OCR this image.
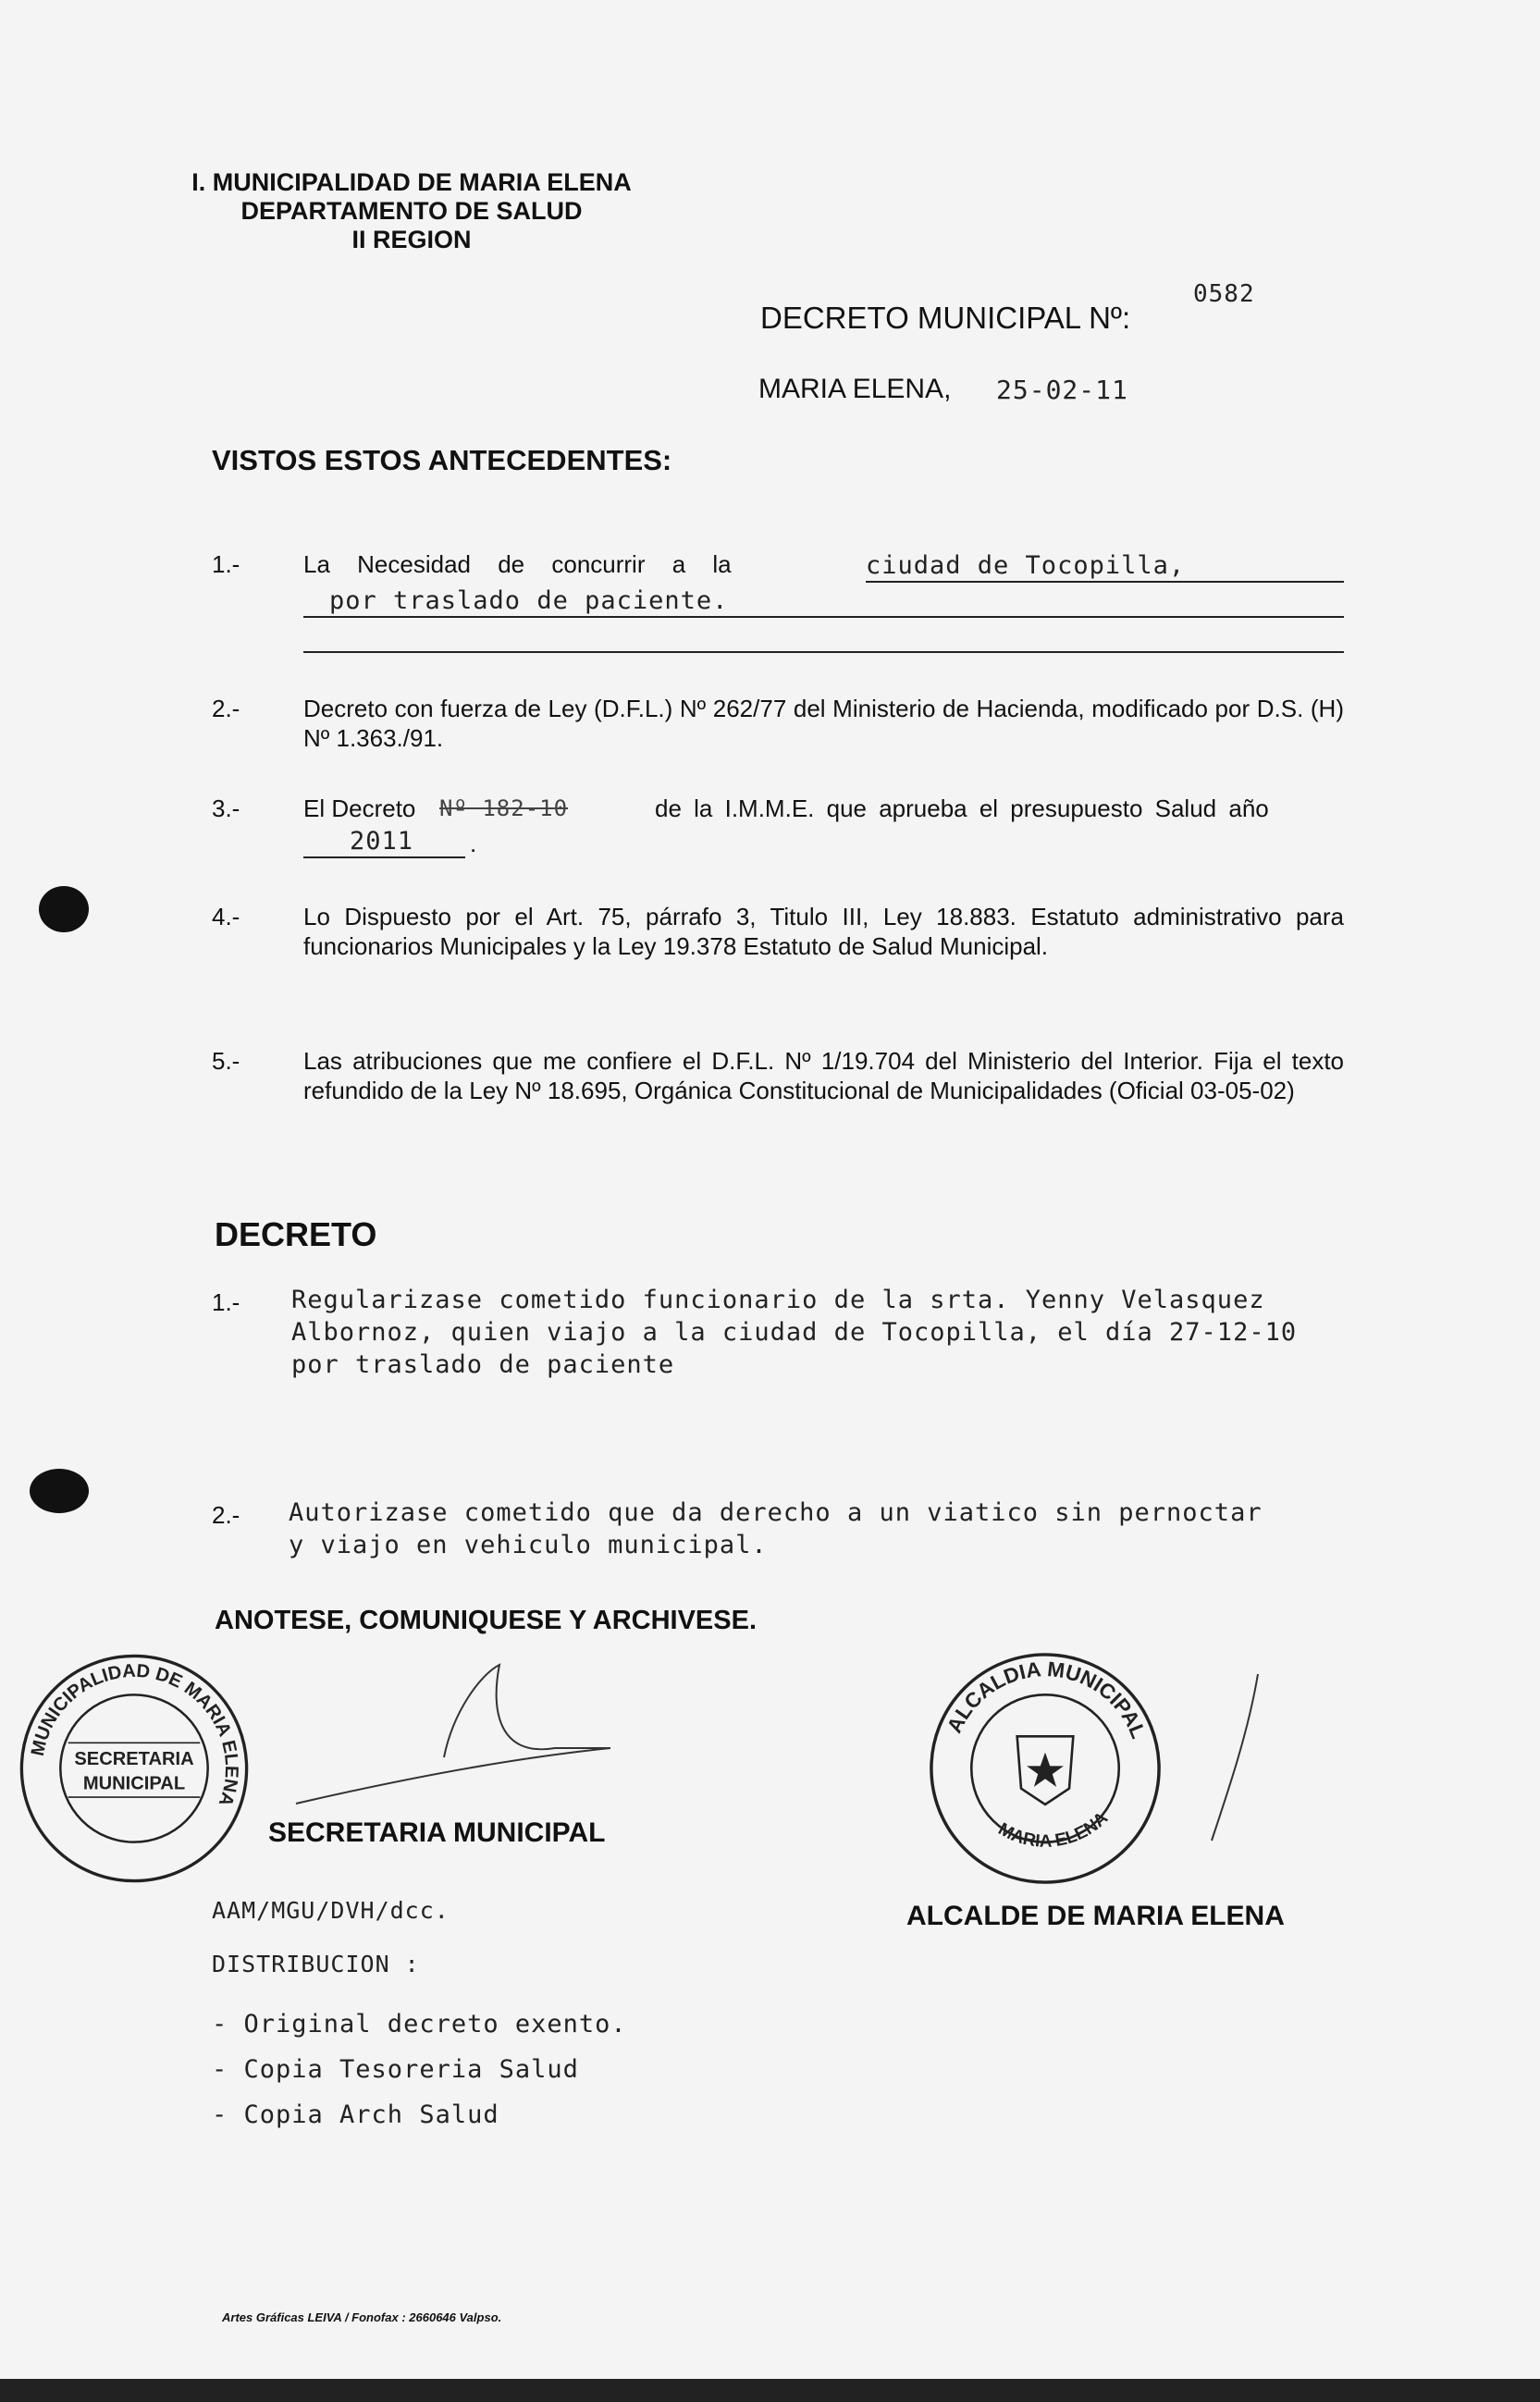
I. MUNICIPALIDAD DE MARIA ELENA
DEPARTAMENTO DE SALUD
II REGION
DECRETO MUNICIPAL Nº:
0582
MARIA ELENA, 25-02-11
VISTOS ESTOS ANTECEDENTES:
1.-	La Necesidad de concurrir a la	ciudad de Tocopilla,
por traslado de paciente.
2.-	Decreto con fuerza de Ley (D.F.L.) Nº 262/77 del Ministerio de Hacienda, modificado por D.S. (H) Nº 1.363./91.
3.-	El Decreto Nº 182-10	de la I.M.M.E. que aprueba el presupuesto Salud año
2011	.
4.-	Lo Dispuesto por el Art. 75, párrafo 3, Titulo III, Ley 18.883. Estatuto administrativo para funcionarios Municipales y la Ley 19.378 Estatuto de Salud Municipal.
5.-	Las atribuciones que me confiere el D.F.L. Nº 1/19.704 del Ministerio del Interior. Fija el texto refundido de la Ley Nº 18.695, Orgánica Constitucional de Municipalidades (Oficial 03-05-02)
DECRETO
1.- Regularizase cometido funcionario de la srta. Yenny Velasquez
Albornoz, quien viajo a la ciudad de Tocopilla, el día 27-12-10
por traslado de paciente
2.- Autorizase cometido que da derecho a un viatico sin pernoctar
y viajo en vehiculo municipal.
MUNICIPALIDAD DE MARIA ELENA
SECRETARIA
MUNICIPAL
ALCALDIA MUNICIPAL
MARIA ELENA
ANOTESE, COMUNIQUESE Y ARCHIVESE.
SECRETARIA MUNICIPAL
ALCALDE DE MARIA ELENA
AAM/MGU/DVH/dcc.
DISTRIBUCION :
- Original decreto exento.
- Copia Tesoreria Salud
- Copia Arch Salud
Artes Gráficas LEIVA / Fonofax : 2660646 Valpso.
